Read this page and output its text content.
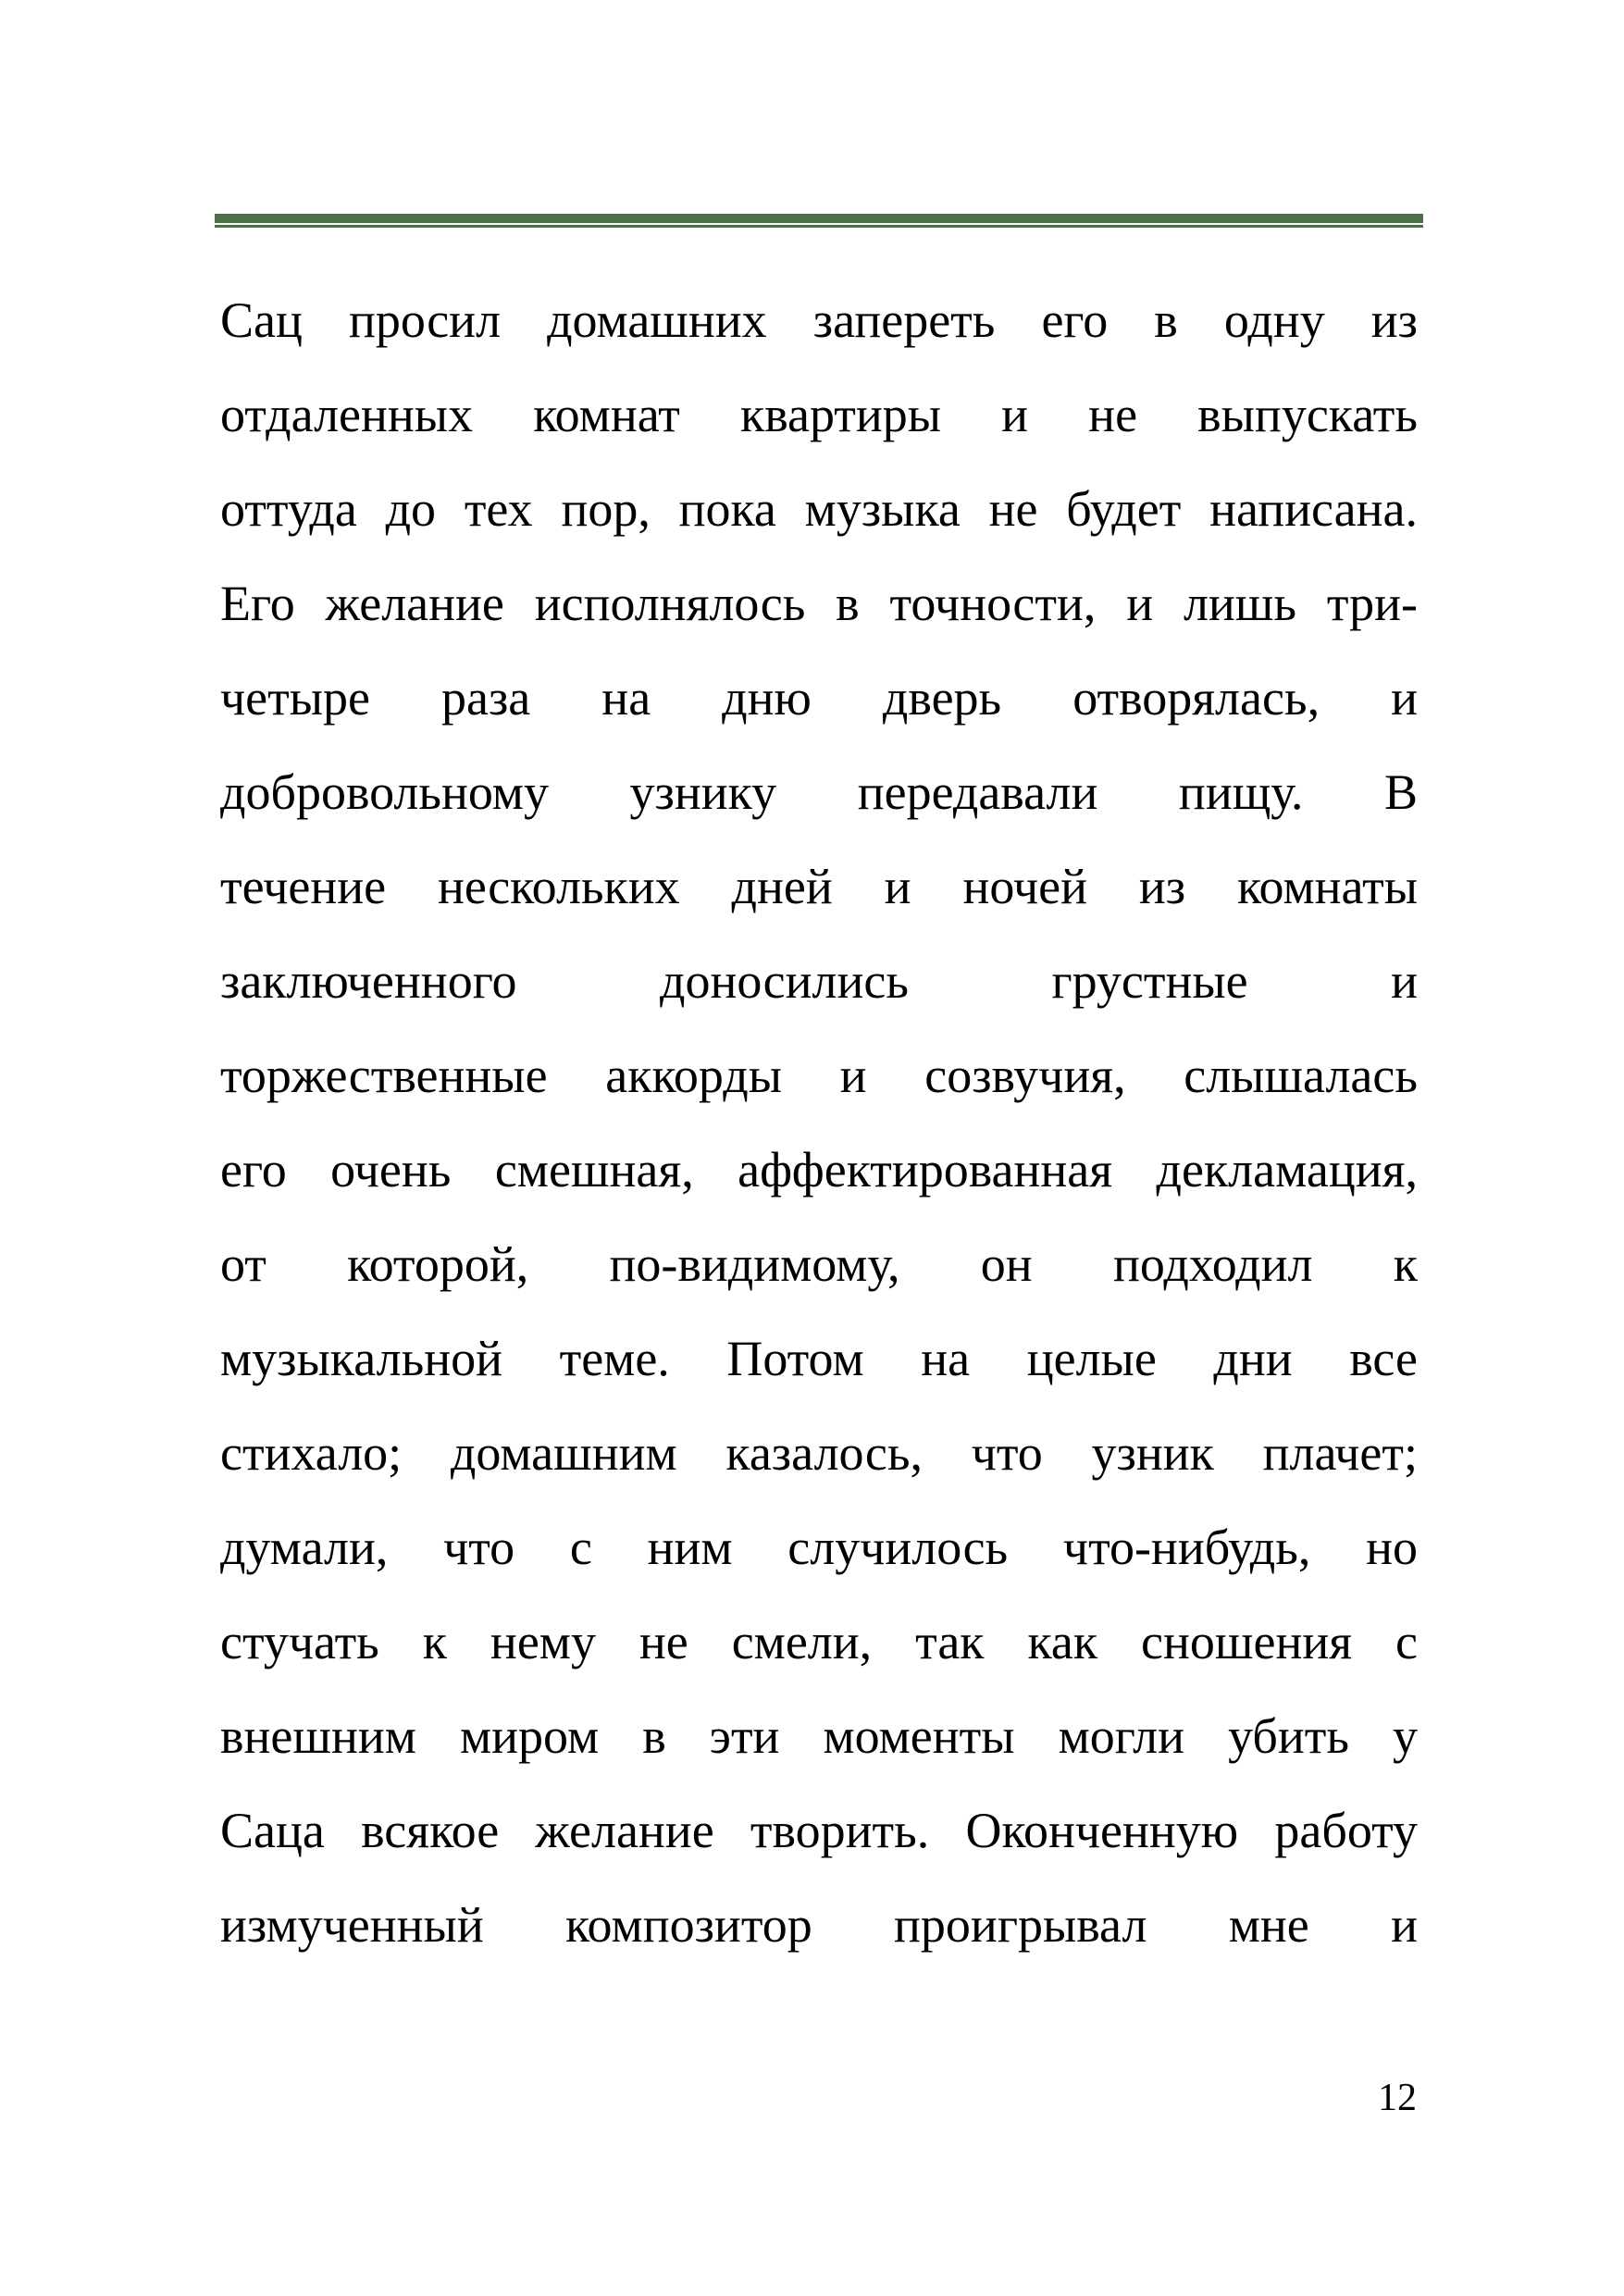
Сац просил домашних запереть его в одну из
отдаленных комнат квартиры и не выпускать
оттуда до тех пор, пока музыка не будет написана.
Его желание исполнялось в точности, и лишь три-
четыре раза на дню дверь отворялась, и
добровольному узнику передавали пищу. В
течение нескольких дней и ночей из комнаты
заключенного доносились грустные и
торжественные аккорды и созвучия, слышалась
его очень смешная, аффектированная декламация,
от которой, по-видимому, он подходил к
музыкальной теме. Потом на целые дни все
стихало; домашним казалось, что узник плачет;
думали, что с ним случилось что-нибудь, но
стучать к нему не смели, так как сношения с
внешним миром в эти моменты могли убить у
Саца всякое желание творить. Оконченную работу
измученный композитор проигрывал мне и
12
